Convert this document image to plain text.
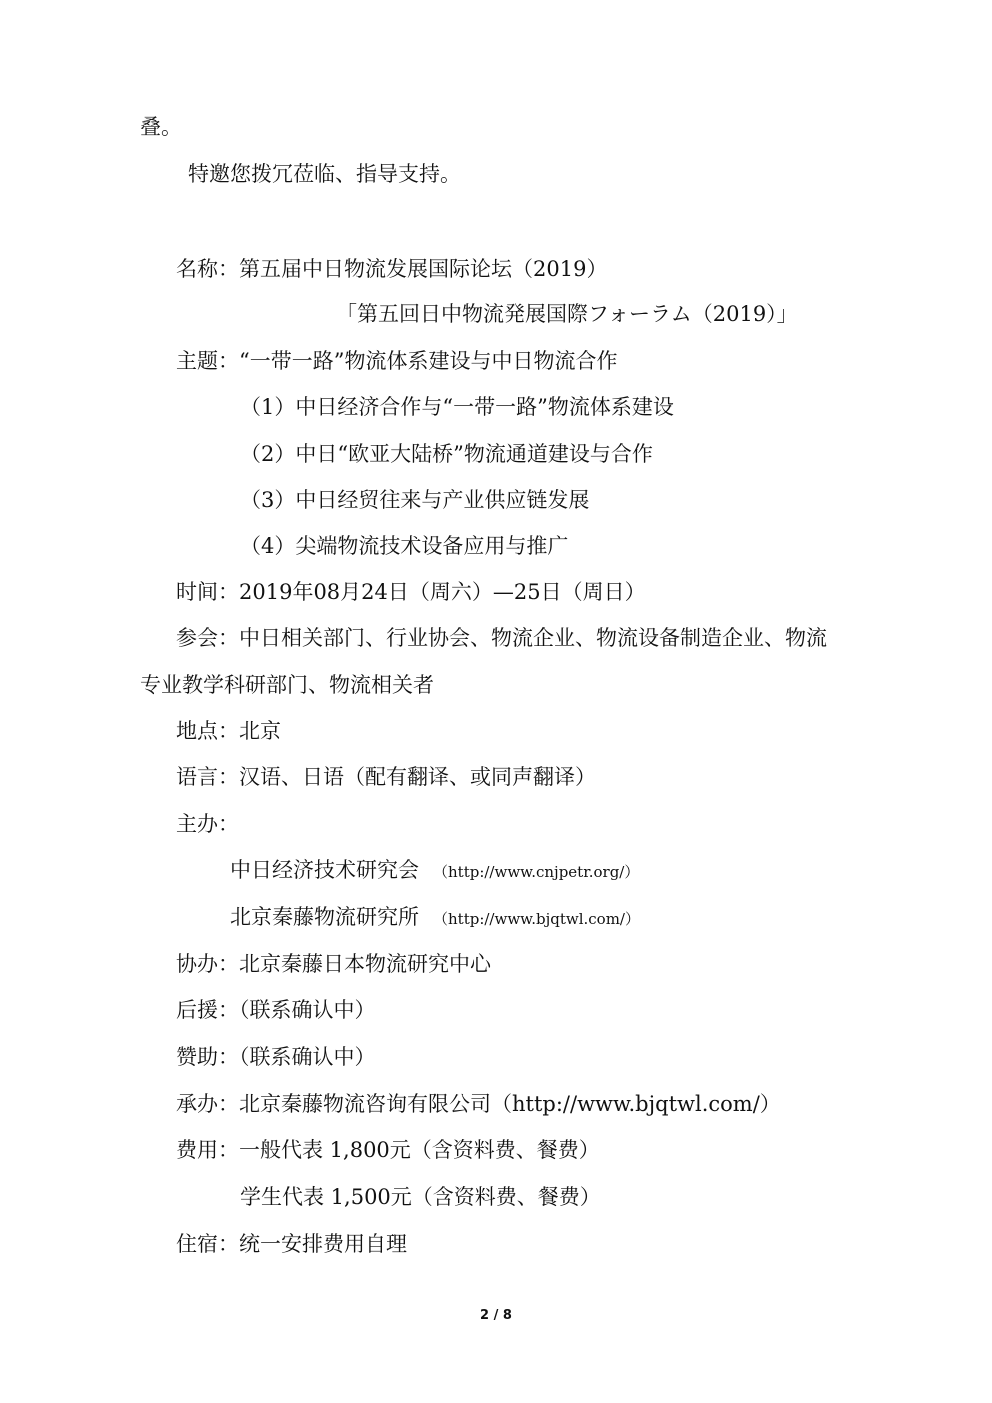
叠。
特邀您拨冗莅临、指导支持。
名称：第五届中日物流发展国际论坛（2019）
「第五回日中物流発展国際フォーラム（2019）」
主题：“一带一路”物流体系建设与中日物流合作
（1）中日经济合作与“一带一路”物流体系建设
（2）中日“欧亚大陆桥”物流通道建设与合作
（3）中日经贸往来与产业供应链发展
（4）尖端物流技术设备应用与推广
时间：2019年08月24日（周六）—25日（周日）
参会：中日相关部门、行业协会、物流企业、物流设备制造企业、物流
专业教学科研部门、物流相关者
地点：北京
语言：汉语、日语（配有翻译、或同声翻译）
主办：
中日经济技术研究会 （http://www.cnjpetr.org/）
北京秦藤物流研究所 （http://www.bjqtwl.com/）
协办：北京秦藤日本物流研究中心
后援：（联系确认中）
赞助：（联系确认中）
承办：北京秦藤物流咨询有限公司（http://www.bjqtwl.com/）
费用：一般代表 1,800元（含资料费、餐费）
学生代表 1,500元（含资料费、餐费）
住宿：统一安排费用自理
2 / 8
